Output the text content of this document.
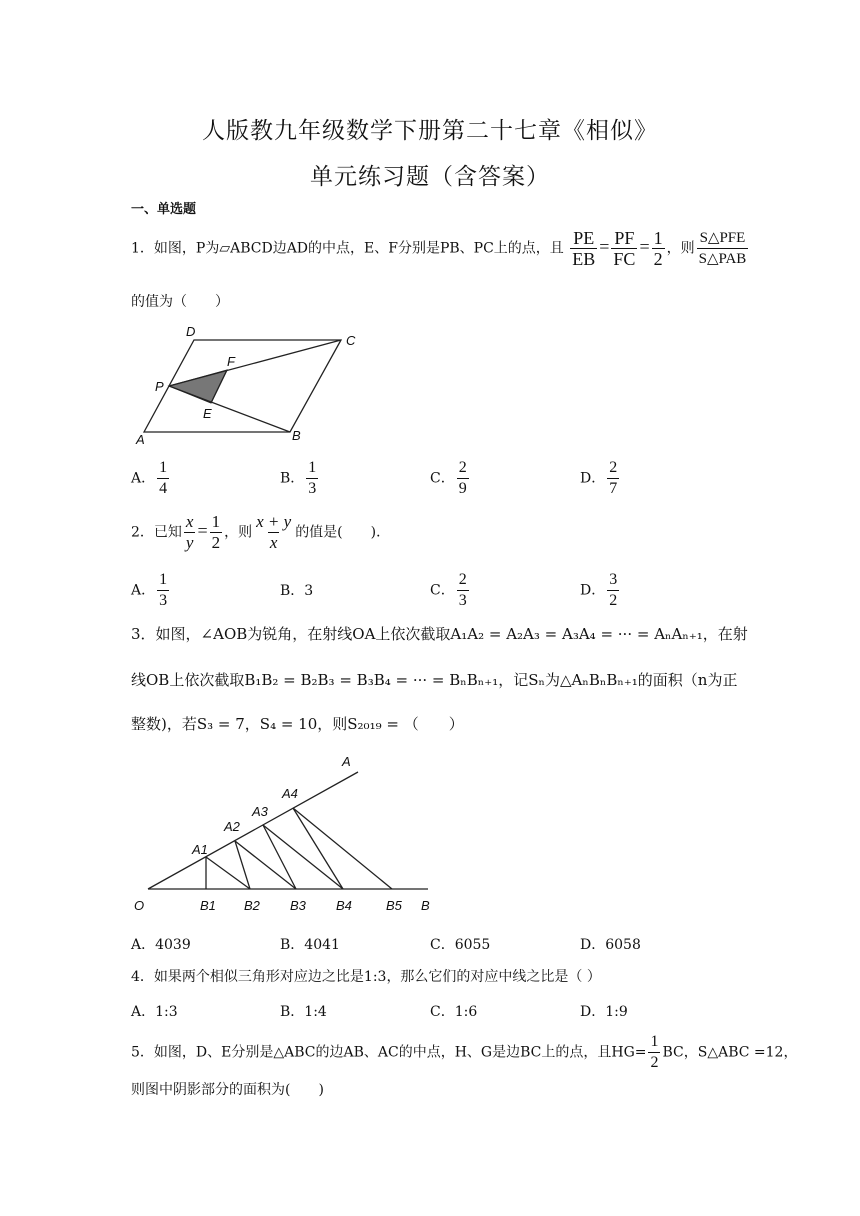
人版教九年级数学下册第二十七章《相似》
单元练习题（含答案）
一、单选题
1．如图，P为▱ABCD边AD的中点，E、F分别是PB、PC上的点，且 $\frac{PE}{EB} = \frac{PF}{FC} = \frac{1}{2}$ ，则 $\frac{\text{S△PFE}}{\text{S△PAB}}$
的值为（　　）
D
C
F
P
E
A	B
A． $\frac{1}{4}$	B． $\frac{1}{3}$	C． $\frac{2}{9}$	D． $\frac{2}{7}$
2．已知 $\frac{x}{y} = \frac{1}{2}$ ，则 $\frac{x + y}{x}$ 的值是(　　)．
A． $\frac{1}{3}$	B．3	C． $\frac{2}{3}$	D． $\frac{3}{2}$
3．如图，∠AOB为锐角，在射线OA上依次截取A₁A₂ = A₂A₃ = A₃A₄ = ··· = AₙAₙ₊₁，在射
线OB上依次截取B₁B₂ = B₂B₃ = B₃B₄ = ··· = BₙBₙ₊₁，记Sₙ为△AₙBₙBₙ₊₁的面积（n为正
整数)，若S₃ = 7，S₄ = 10，则S₂₀₁₉ = （　　）
A
A4
A3
A2
A1
O	B1 B2 B3 B4	B5 B
A．4039	B．4041	C．6055	D．6058
4．如果两个相似三角形对应边之比是1:3，那么它们的对应中线之比是（ ）
A．1:3	B．1:4	C．1:6	D．1:9
5．如图，D、E分别是△ABC的边AB、AC的中点，H、G是边BC上的点，且$HG= \frac{1}{2}$ BC，S△ABC =12，
则图中阴影部分的面积为(　　)
